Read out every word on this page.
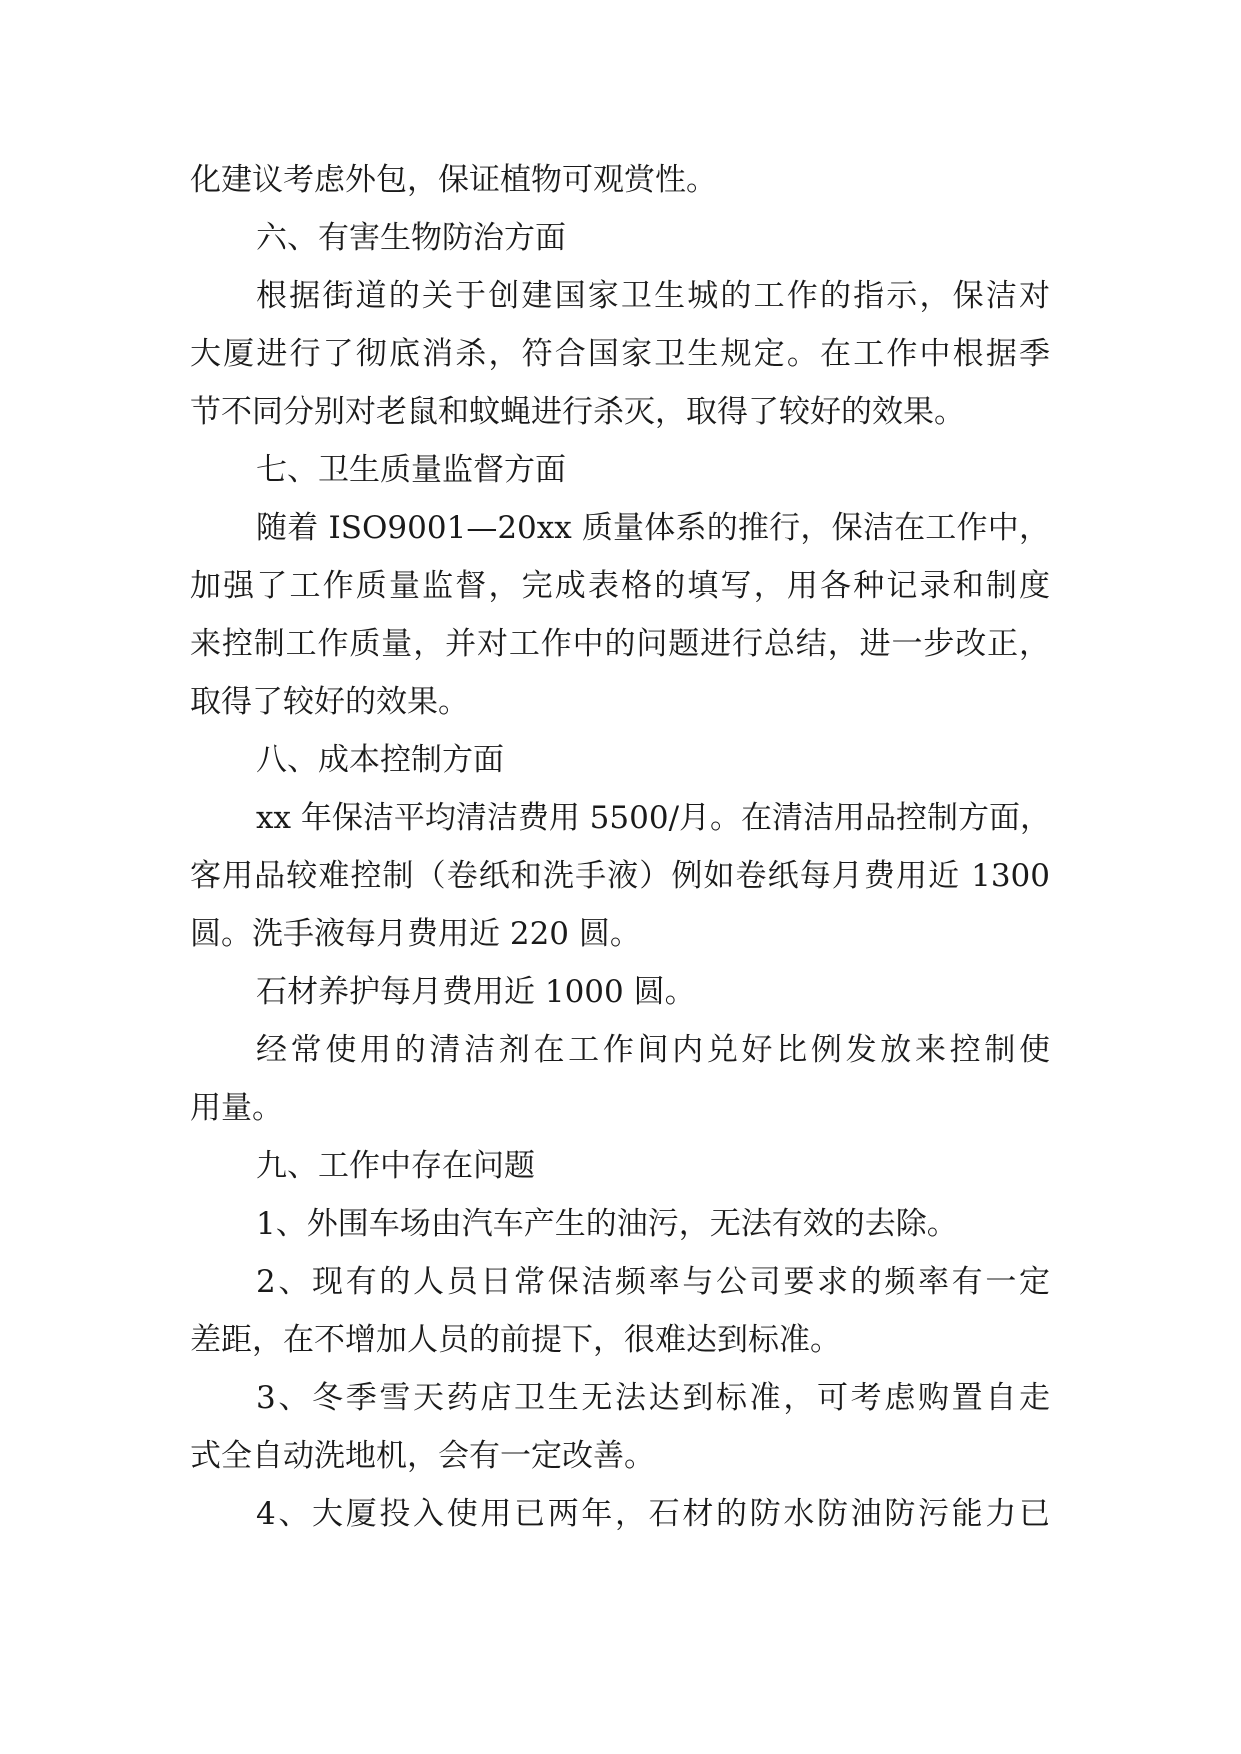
化建议考虑外包，保证植物可观赏性。
六、有害生物防治方面
根据街道的关于创建国家卫生城的工作的指示，保洁对
大厦进行了彻底消杀，符合国家卫生规定。在工作中根据季
节不同分别对老鼠和蚊蝇进行杀灭，取得了较好的效果。
七、卫生质量监督方面
随着 ISO9001—20xx 质量体系的推行，保洁在工作中，
加强了工作质量监督，完成表格的填写，用各种记录和制度
来控制工作质量，并对工作中的问题进行总结，进一步改正，
取得了较好的效果。
八、成本控制方面
xx 年保洁平均清洁费用 5500/月。在清洁用品控制方面，
客用品较难控制（卷纸和洗手液）例如卷纸每月费用近 1300
圆。洗手液每月费用近 220 圆。
石材养护每月费用近 1000 圆。
经常使用的清洁剂在工作间内兑好比例发放来控制使
用量。
九、工作中存在问题
1、外围车场由汽车产生的油污，无法有效的去除。
2、现有的人员日常保洁频率与公司要求的频率有一定
差距，在不增加人员的前提下，很难达到标准。
3、冬季雪天药店卫生无法达到标准，可考虑购置自走
式全自动洗地机，会有一定改善。
4、大厦投入使用已两年，石材的防水防油防污能力已
